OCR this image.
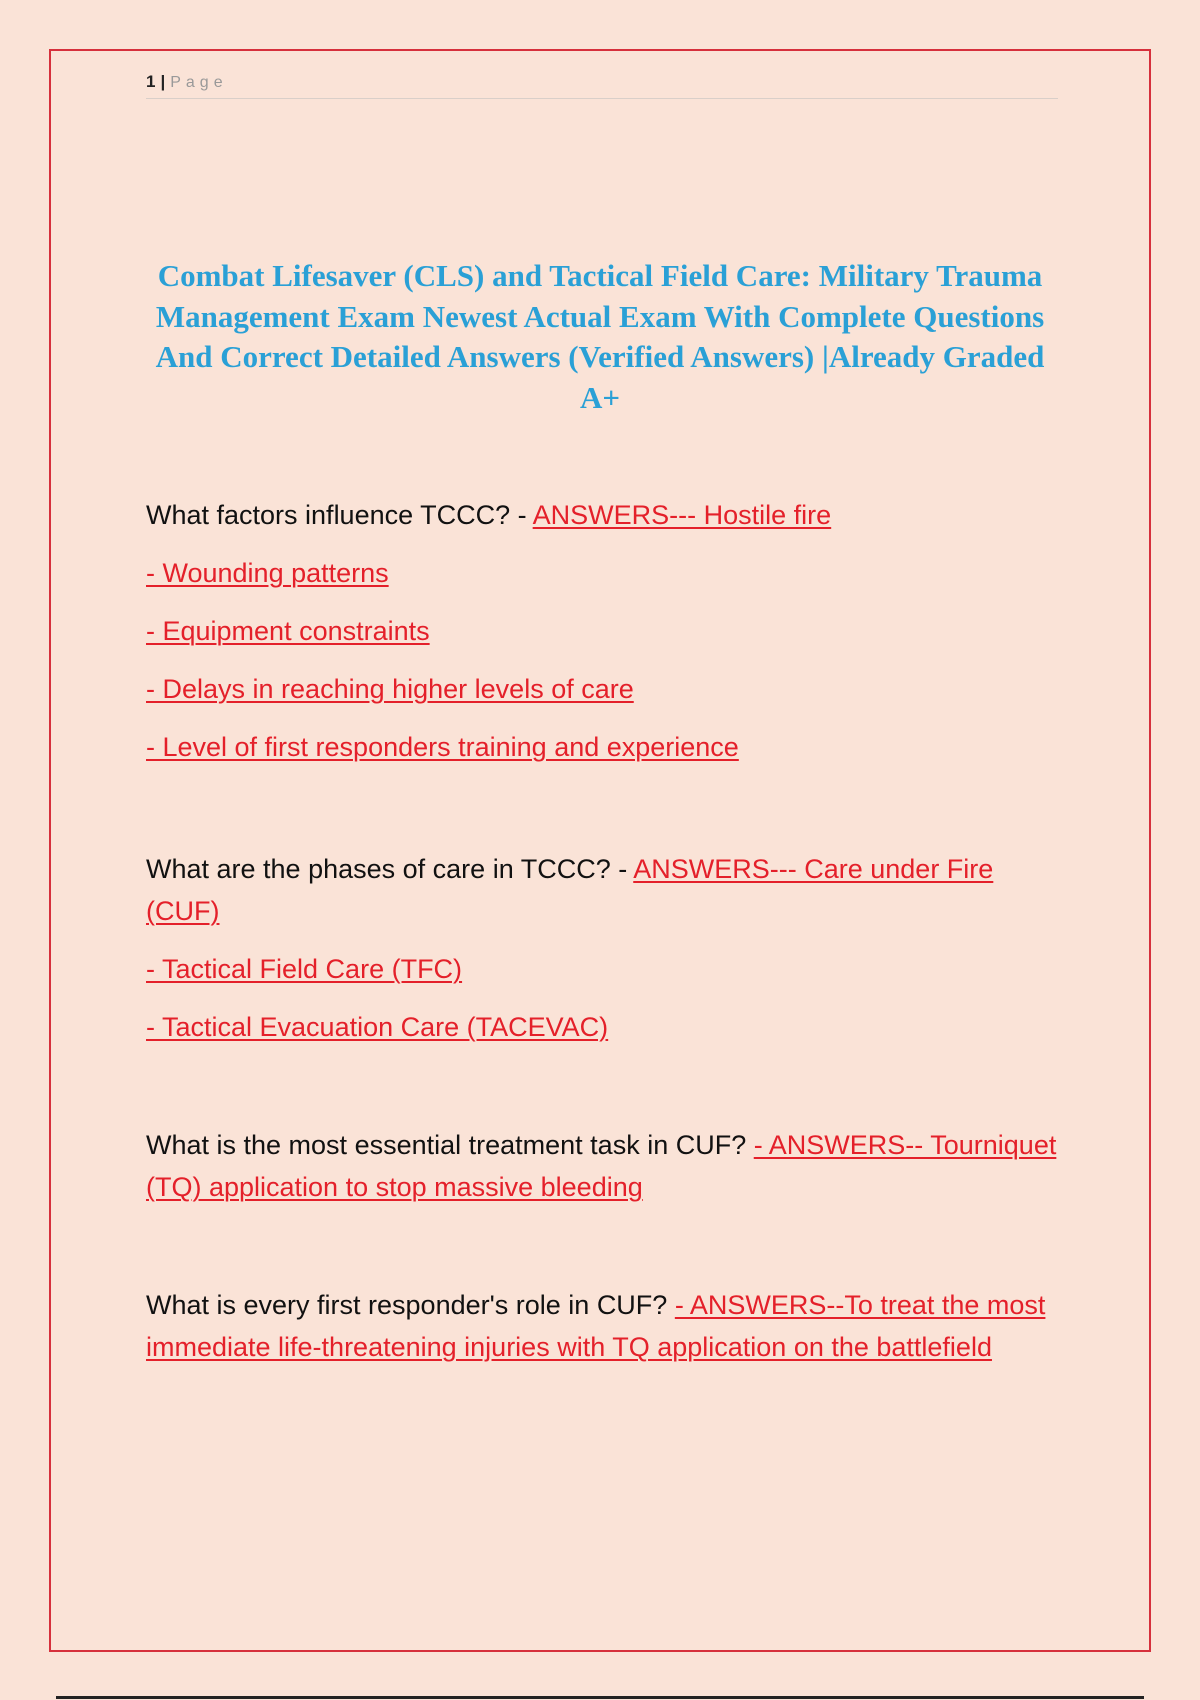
1 | Page
Combat Lifesaver (CLS) and Tactical Field Care: Military Trauma Management Exam Newest Actual Exam With Complete Questions And Correct Detailed Answers (Verified Answers) |Already Graded A+
What factors influence TCCC? - ANSWERS--- Hostile fire
- Wounding patterns
- Equipment constraints
- Delays in reaching higher levels of care
- Level of first responders training and experience
What are the phases of care in TCCC? - ANSWERS--- Care under Fire (CUF)
- Tactical Field Care (TFC)
- Tactical Evacuation Care (TACEVAC)
What is the most essential treatment task in CUF? - ANSWERS-- Tourniquet (TQ) application to stop massive bleeding
What is every first responder's role in CUF? - ANSWERS--To treat the most immediate life-threatening injuries with TQ application on the battlefield
